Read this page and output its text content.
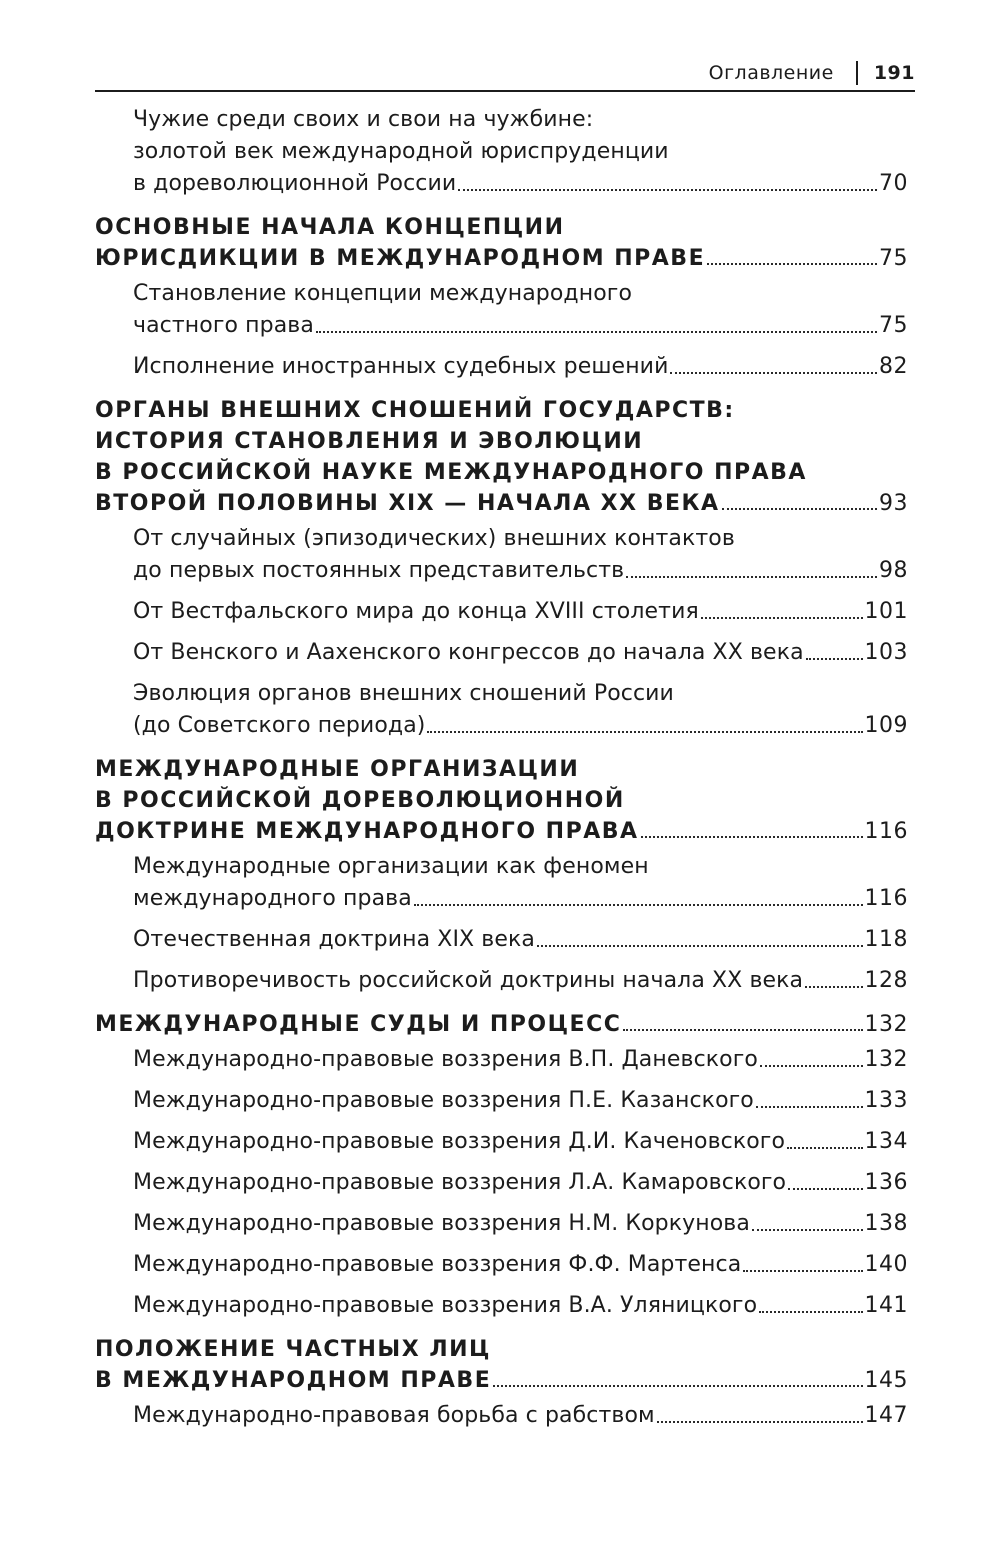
Оглавление 191
Чужие среди своих и свои на чужбине:
золотой век международной юриспруденции
в дореволюционной России	70
ОСНОВНЫЕ НАЧАЛА КОНЦЕПЦИИ
ЮРИСДИКЦИИ В МЕЖДУНАРОДНОМ ПРАВЕ	75
Становление концепции международного
частного права	75
Исполнение иностранных судебных решений	82
ОРГАНЫ ВНЕШНИХ СНОШЕНИЙ ГОСУДАРСТВ:
ИСТОРИЯ СТАНОВЛЕНИЯ И ЭВОЛЮЦИИ
В РОССИЙСКОЙ НАУКЕ МЕЖДУНАРОДНОГО ПРАВА
ВТОРОЙ ПОЛОВИНЫ XIX — НАЧАЛА XX ВЕКА	93
От случайных (эпизодических) внешних контактов
до первых постоянных представительств	98
От Вестфальского мира до конца XVIII столетия	101
От Венского и Аахенского конгрессов до начала XX века	103
Эволюция органов внешних сношений России
(до Советского периода)	109
МЕЖДУНАРОДНЫЕ ОРГАНИЗАЦИИ
В РОССИЙСКОЙ ДОРЕВОЛЮЦИОННОЙ
ДОКТРИНЕ МЕЖДУНАРОДНОГО ПРАВА	116
Международные организации как феномен
международного права	116
Отечественная доктрина XIX века	118
Противоречивость российской доктрины начала XX века	128
МЕЖДУНАРОДНЫЕ СУДЫ И ПРОЦЕСС	132
Международно-правовые воззрения В.П. Даневского	132
Международно-правовые воззрения П.Е. Казанского	133
Международно-правовые воззрения Д.И. Каченовского	134
Международно-правовые воззрения Л.А. Камаровского	136
Международно-правовые воззрения Н.М. Коркунова	138
Международно-правовые воззрения Ф.Ф. Мартенса	140
Международно-правовые воззрения В.А. Уляницкого	141
ПОЛОЖЕНИЕ ЧАСТНЫХ ЛИЦ
В МЕЖДУНАРОДНОМ ПРАВЕ	145
Международно-правовая борьба с рабством	147
